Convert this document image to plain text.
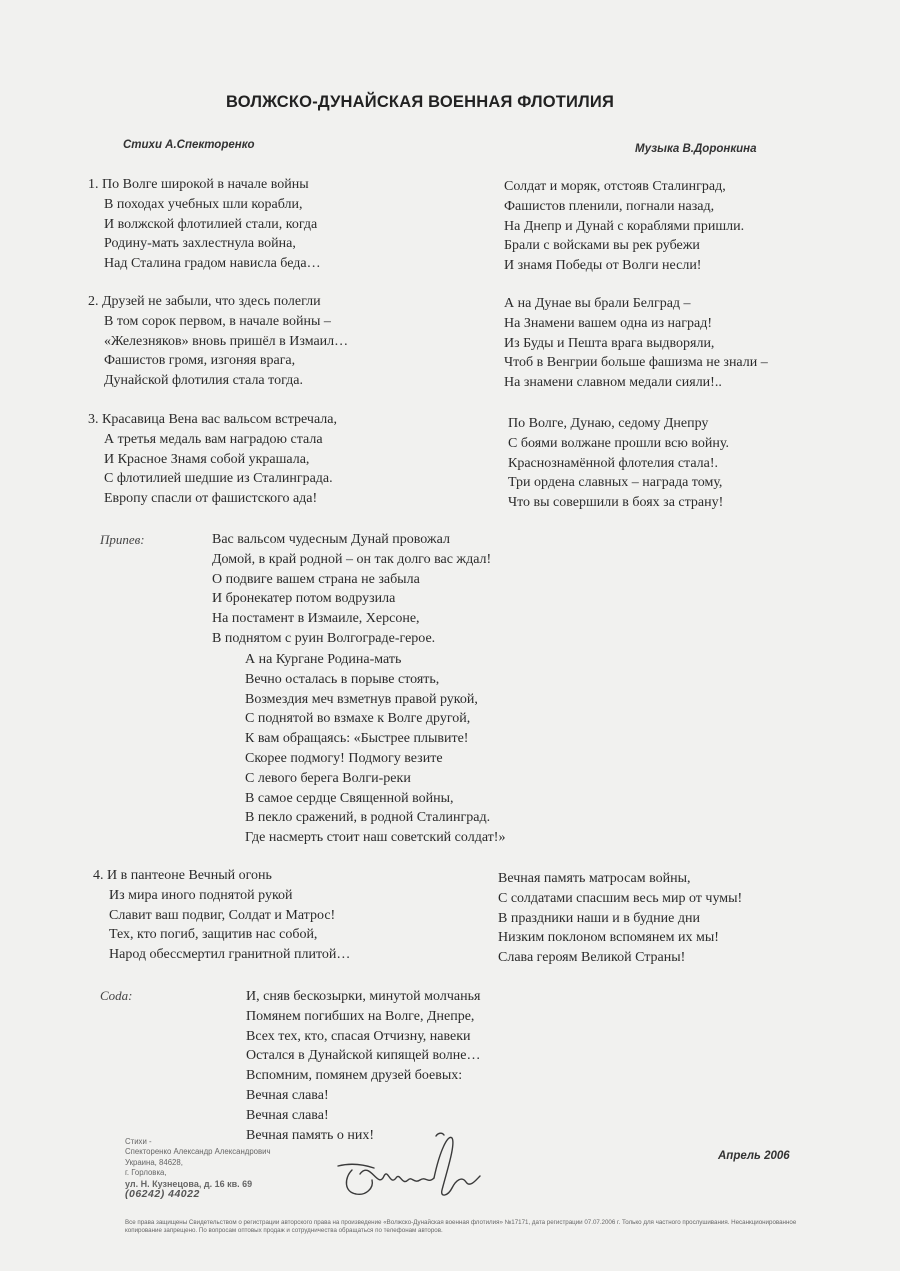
ВОЛЖСКО-ДУНАЙСКАЯ ВОЕННАЯ ФЛОТИЛИЯ
Стихи А.Спекторенко	Музыка В.Доронкина
1. По Волге широкой в начале войны
В походах учебных шли корабли,
И волжской флотилией стали, когда
Родину-мать захлестнула война,
Над Сталина градом нависла беда…
2. Друзей не забыли, что здесь полегли
В том сорок первом, в начале войны –
«Железняков» вновь пришёл в Измаил…
Фашистов громя, изгоняя врага,
Дунайской флотилия стала тогда.
3. Красавица Вена вас вальсом встречала,
А третья медаль вам наградою стала
И Красное Знамя собой украшала,
С флотилией шедшие из Сталинграда.
Европу спасли от фашистского ада!
Солдат и моряк, отстояв Сталинград,
Фашистов пленили, погнали назад,
На Днепр и Дунай с кораблями пришли.
Брали с войсками вы рек рубежи
И знамя Победы от Волги несли!
А на Дунае вы брали Белград –
На Знамени вашем одна из наград!
Из Буды и Пешта врага выдворяли,
Чтоб в Венгрии больше фашизма не знали –
На знамени славном медали сияли!..
По Волге, Дунаю, седому Днепру
С боями волжане прошли всю войну.
Краснознамённой флотелия стала!.
Три ордена славных – награда тому,
Что вы совершили в боях за страну!
Припев:	Вас вальсом чудесным Дунай провожал
Домой, в край родной – он так долго вас ждал!
О подвиге вашем страна не забыла
И бронекатер потом водрузила
На постамент в Измаиле, Херсоне,
В поднятом с руин Волгограде-герое.
А на Кургане Родина-мать
Вечно осталась в порыве стоять,
Возмездия меч взметнув правой рукой,
С поднятой во взмахе к Волге другой,
К вам обращаясь: «Быстрее плывите!
Скорее подмогу! Подмогу везите
С левого берега Волги-реки
В самое сердце Священной войны,
В пекло сражений, в родной Сталинград.
Где насмерть стоит наш советский солдат!»
4. И в пантеоне Вечный огонь
Из мира иного поднятой рукой
Славит ваш подвиг, Солдат и Матрос!
Тех, кто погиб, защитив нас собой,
Народ обессмертил гранитной плитой…
Вечная память матросам войны,
С солдатами спасшим весь мир от чумы!
В праздники наши и в будние дни
Низким поклоном вспомянем их мы!
Слава героям Великой Страны!
Coda:	И, сняв бескозырки, минутой молчанья
Помянем погибших на Волге, Днепре,
Всех тех, кто, спасая Отчизну, навеки
Остался в Дунайской кипящей волне…
Вспомним, помянем друзей боевых:
Вечная слава!
Вечная слава!
Вечная память о них!
Стихи -
Спекторенко Александр Александрович
Украина, 84628,
г. Горловка,
ул. Н. Кузнецова, д. 16 кв. 69
(06242) 44022
Апрель 2006
Все права защищены Свидетельством о регистрации авторского права на произведение «Волжско-Дунайская военная флотилия» №17171, дата регистрации 07.07.2006 г. Только для частного прослушивания. Несанкционированное копирование запрещено. По вопросам оптовых продаж и сотрудничества обращаться по телефонам авторов.
